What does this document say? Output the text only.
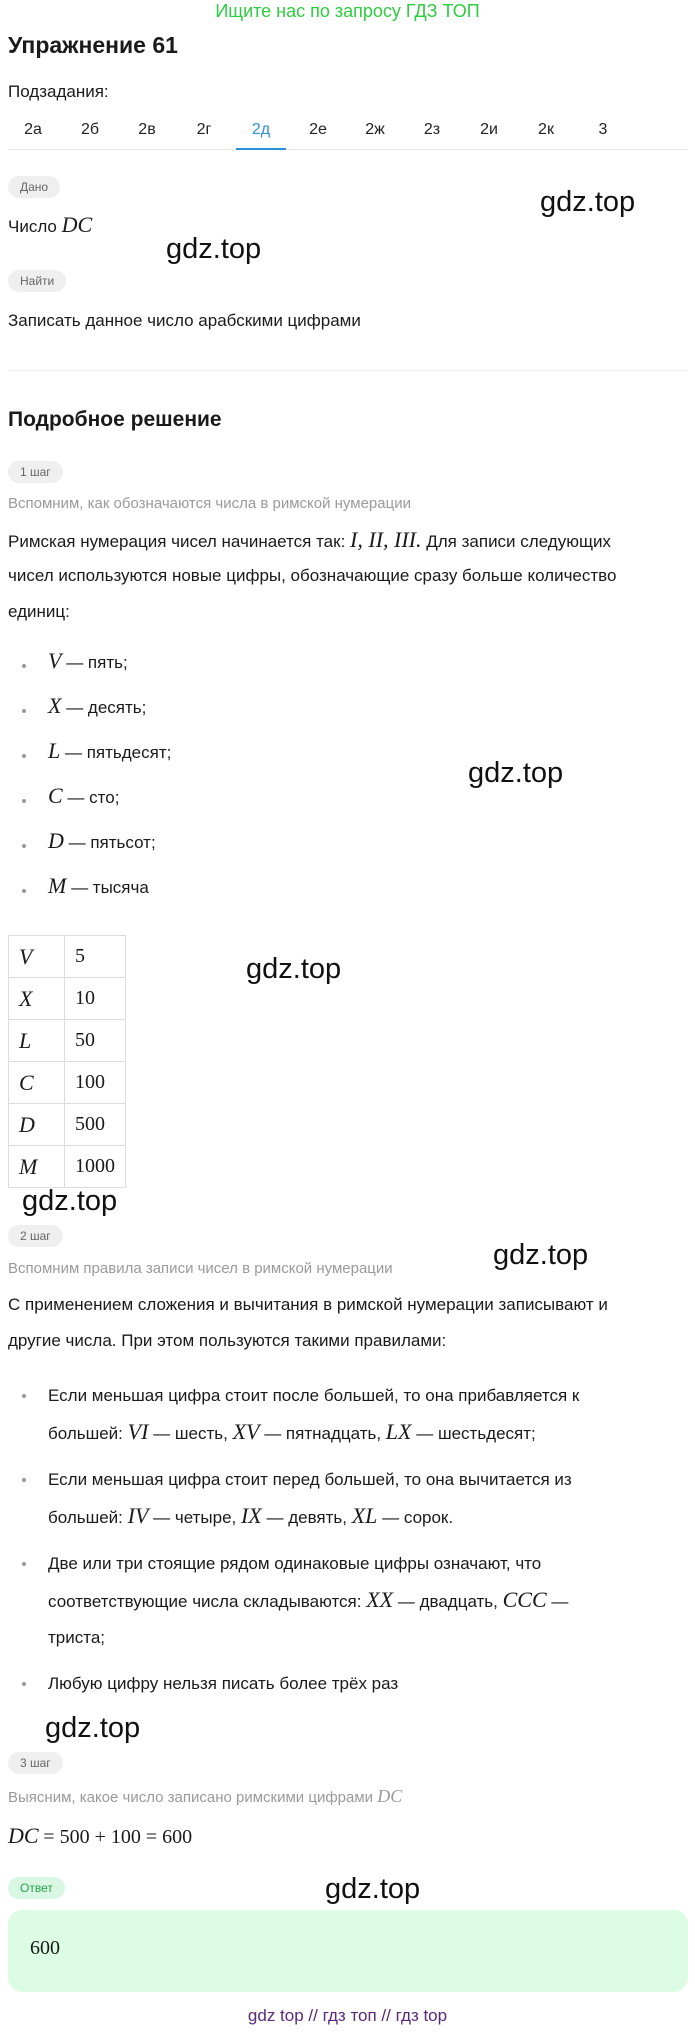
Ищите нас по запросу ГДЗ ТОП
Упражнение 61
Подзадания:
2а	2б	2в	2г	2д	2е	2ж	2з	2и	2к	3
Дано
Число DC
Найти
Записать данное число арабскими цифрами
Подробное решение
1 шаг
Вспомним, как обозначаются числа в римской нумерации
Римская нумерация чисел начинается так: I, II, III. Для записи следующих
чисел используются новые цифры, обозначающие сразу больше количество
единиц:
V — пять;
X — десять;
L — пятьдесят;
C — сто;
D — пятьсот;
M — тысяча
V	5
X	10
L	50
C	100
D	500
M	1000
2 шаг
Вспомним правила записи чисел в римской нумерации
С применением сложения и вычитания в римской нумерации записывают и
другие числа. При этом пользуются такими правилами:
Если меньшая цифра стоит после большей, то она прибавляется к
большей: VI — шесть, XV — пятнадцать, LX — шестьдесят;
Если меньшая цифра стоит перед большей, то она вычитается из
большей: IV — четыре, IX — девять, XL — сорок.
Две или три стоящие рядом одинаковые цифры означают, что
соответствующие числа складываются: XX — двадцать, CCC —
триста;
Любую цифру нельзя писать более трёх раз
3 шаг
Выясним, какое число записано римскими цифрами DC
DC = 500 + 100 = 600
Ответ
600
gdz.top
gdz.top
gdz.top
gdz.top
gdz.top
gdz.top
gdz.top
gdz.top
gdz top // гдз топ // гдз top
